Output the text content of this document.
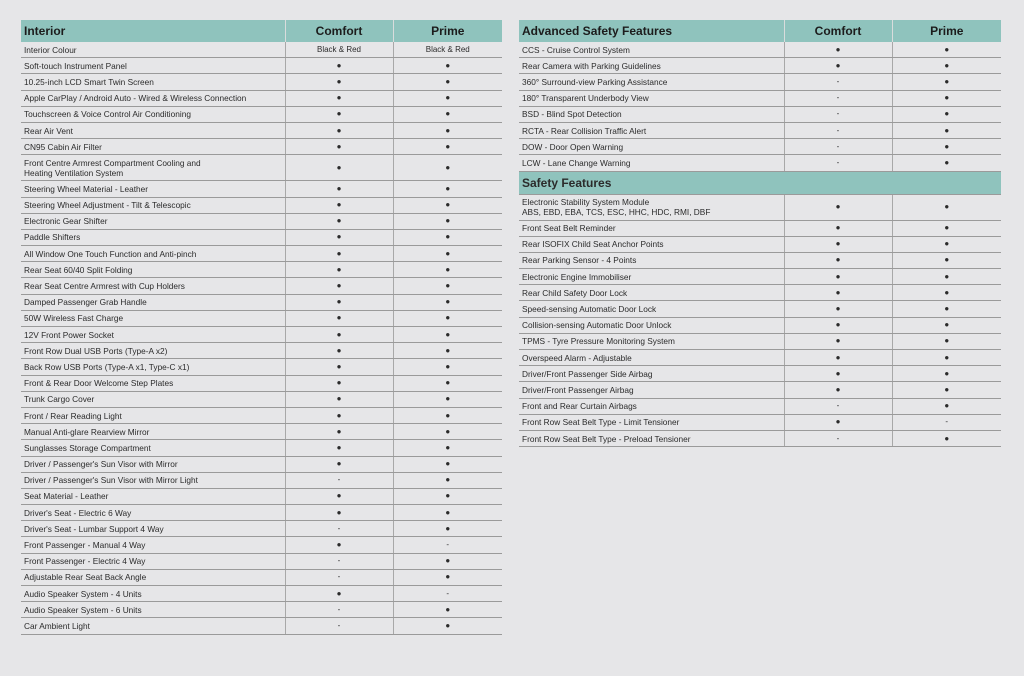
Interior	Comfort	Prime
Interior Colour	Black & Red	Black & Red
Soft-touch Instrument Panel	●	●
10.25-inch LCD Smart Twin Screen	●	●
Apple CarPlay / Android Auto - Wired & Wireless Connection	●	●
Touchscreen & Voice Control Air Conditioning	●	●
Rear Air Vent	●	●
CN95 Cabin Air Filter	●	●
Front Centre Armrest Compartment Cooling and
Heating Ventilation System	●	●
Steering Wheel Material - Leather	●	●
Steering Wheel Adjustment - Tilt & Telescopic	●	●
Electronic Gear Shifter	●	●
Paddle Shifters	●	●
All Window One Touch Function and Anti-pinch	●	●
Rear Seat 60/40 Split Folding	●	●
Rear Seat Centre Armrest with Cup Holders	●	●
Damped Passenger Grab Handle	●	●
50W Wireless Fast Charge	●	●
12V Front Power Socket	●	●
Front Row Dual USB Ports (Type-A x2)	●	●
Back Row USB Ports (Type-A x1, Type-C x1)	●	●
Front & Rear Door Welcome Step Plates	●	●
Trunk Cargo Cover	●	●
Front / Rear Reading Light	●	●
Manual Anti-glare Rearview Mirror	●	●
Sunglasses Storage Compartment	●	●
Driver / Passenger's Sun Visor with Mirror	●	●
Driver / Passenger's Sun Visor with Mirror Light	-	●
Seat Material - Leather	●	●
Driver's Seat - Electric 6 Way	●	●
Driver's Seat - Lumbar Support 4 Way	-	●
Front Passenger - Manual 4 Way	●	-
Front Passenger - Electric 4 Way	-	●
Adjustable Rear Seat Back Angle	-	●
Audio Speaker System - 4 Units	●	-
Audio Speaker System - 6 Units	-	●
Car Ambient Light	-	●
Advanced Safety Features	Comfort	Prime
CCS - Cruise Control System	●	●
Rear Camera with Parking Guidelines	●	●
360° Surround-view Parking Assistance	-	●
180° Transparent Underbody View	-	●
BSD - Blind Spot Detection	-	●
RCTA - Rear Collision Traffic Alert	-	●
DOW - Door Open Warning	-	●
LCW - Lane Change Warning	-	●
Safety Features		
Electronic Stability System Module
ABS, EBD, EBA, TCS, ESC, HHC, HDC, RMI, DBF	●	●
Front Seat Belt Reminder	●	●
Rear ISOFIX Child Seat Anchor Points	●	●
Rear Parking Sensor - 4 Points	●	●
Electronic Engine Immobiliser	●	●
Rear Child Safety Door Lock	●	●
Speed-sensing Automatic Door Lock	●	●
Collision-sensing Automatic Door Unlock	●	●
TPMS - Tyre Pressure Monitoring System	●	●
Overspeed Alarm - Adjustable	●	●
Driver/Front Passenger Side Airbag	●	●
Driver/Front Passenger Airbag	●	●
Front and Rear Curtain Airbags	-	●
Front Row Seat Belt Type - Limit Tensioner	●	-
Front Row Seat Belt Type - Preload Tensioner	-	●
